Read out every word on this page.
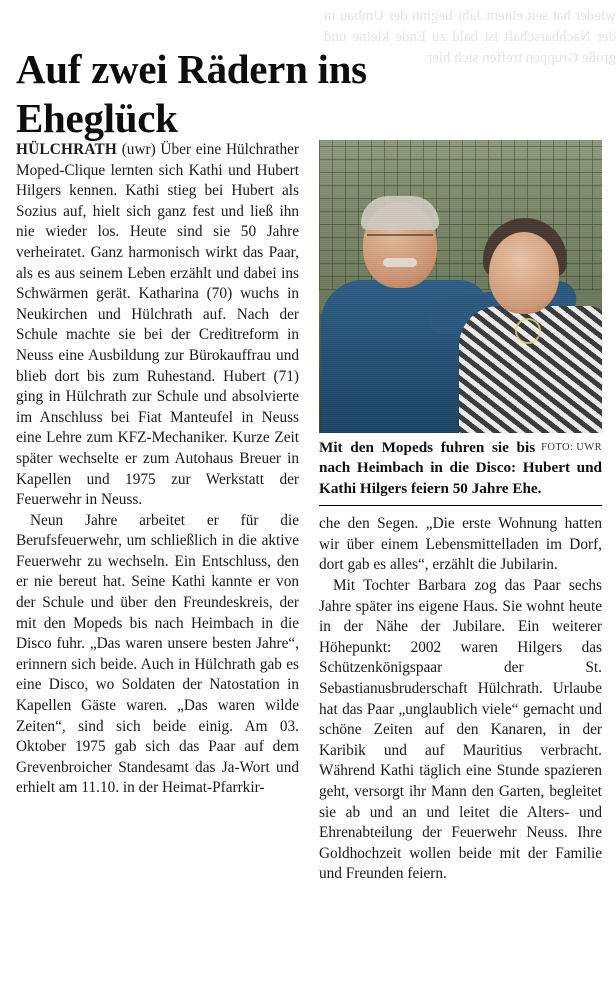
wieder hat seit einem Jahr beginn der Umbau in der Nachbarschaft ist bald zu Ende kleine und große Gruppen treffen sich hier
Auf zwei Rädern ins Eheglück

HÜLCHRATH (uwr) Über eine Hülchrather Moped-Clique lernten sich Kathi und Hubert Hilgers kennen. Kathi stieg bei Hubert als Sozius auf, hielt sich ganz fest und ließ ihn nie wieder los. Heute sind sie 50 Jahre verheiratet. Ganz harmonisch wirkt das Paar, als es aus seinem Leben erzählt und dabei ins Schwärmen gerät. Katharina (70) wuchs in Neukirchen und Hülchrath auf. Nach der Schule machte sie bei der Creditreform in Neuss eine Ausbildung zur Bürokauffrau und blieb dort bis zum Ruhestand. Hubert (71) ging in Hülchrath zur Schule und absolvierte im Anschluss bei Fiat Manteufel in Neuss eine Lehre zum KFZ-Mechaniker. Kurze Zeit später wechselte er zum Autohaus Breuer in Kapellen und 1975 zur Werkstatt der Feuerwehr in Neuss.

Neun Jahre arbeitet er für die Berufsfeuerwehr, um schließlich in die aktive Feuerwehr zu wechseln. Ein Entschluss, den er nie bereut hat. Seine Kathi kannte er von der Schule und über den Freundeskreis, der mit den Mopeds bis nach Heimbach in die Disco fuhr. „Das waren unsere besten Jahre“, erinnern sich beide. Auch in Hülchrath gab es eine Disco, wo Soldaten der Natostation in Kapellen Gäste waren. „Das waren wilde Zeiten“, sind sich beide einig. Am 03. Oktober 1975 gab sich das Paar auf dem Grevenbroicher Standesamt das Ja-Wort und erhielt am 11.10. in der Heimat-Pfarrkir-

FOTO: UWR
Mit den Mopeds fuhren sie bis nach Heimbach in die Disco: Hubert und Kathi Hilgers feiern 50 Jahre Ehe.

che den Segen. „Die erste Wohnung hatten wir über einem Lebensmittelladen im Dorf, dort gab es alles“, erzählt die Jubilarin.

Mit Tochter Barbara zog das Paar sechs Jahre später ins eigene Haus. Sie wohnt heute in der Nähe der Jubilare. Ein weiterer Höhepunkt: 2002 waren Hilgers das Schützenkönigspaar der St. Sebastianusbruderschaft Hülchrath. Urlaube hat das Paar „unglaublich viele“ gemacht und schöne Zeiten auf den Kanaren, in der Karibik und auf Mauritius verbracht. Während Kathi täglich eine Stunde spazieren geht, versorgt ihr Mann den Garten, begleitet sie ab und an und leitet die Alters- und Ehrenabteilung der Feuerwehr Neuss. Ihre Goldhochzeit wollen beide mit der Familie und Freunden feiern.
